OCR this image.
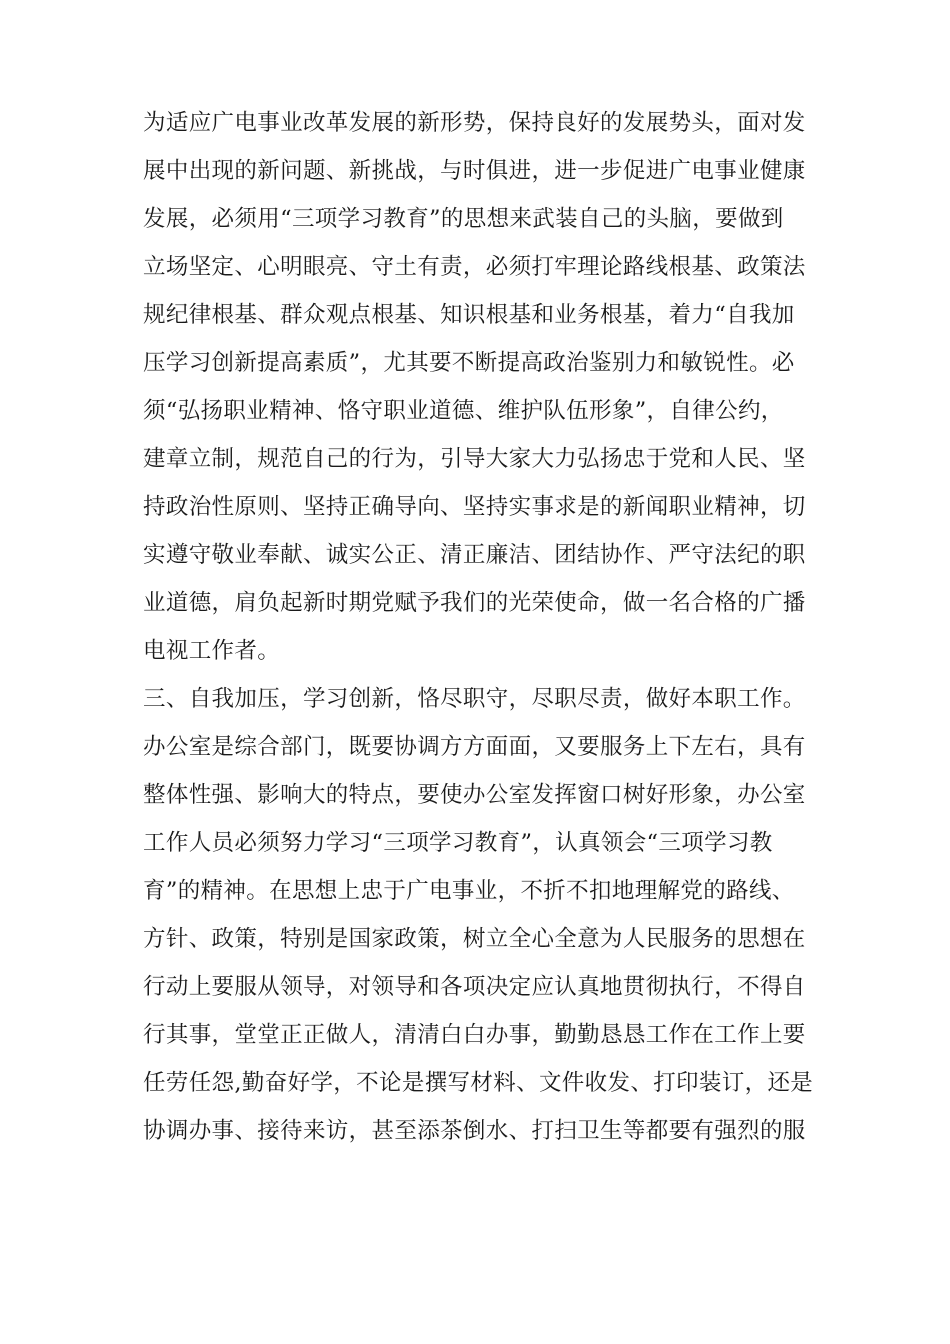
为适应广电事业改革发展的新形势，保持良好的发展势头，面对发
展中出现的新问题、新挑战，与时俱进，进一步促进广电事业健康
发展，必须用“三项学习教育”的思想来武装自己的头脑，要做到
立场坚定、心明眼亮、守土有责，必须打牢理论路线根基、政策法
规纪律根基、群众观点根基、知识根基和业务根基，着力“自我加
压学习创新提高素质”，尤其要不断提高政治鉴别力和敏锐性。必
须“弘扬职业精神、恪守职业道德、维护队伍形象”，自律公约，
建章立制，规范自己的行为，引导大家大力弘扬忠于党和人民、坚
持政治性原则、坚持正确导向、坚持实事求是的新闻职业精神，切
实遵守敬业奉献、诚实公正、清正廉洁、团结协作、严守法纪的职
业道德，肩负起新时期党赋予我们的光荣使命，做一名合格的广播
电视工作者。
三、自我加压，学习创新，恪尽职守，尽职尽责，做好本职工作。
办公室是综合部门，既要协调方方面面，又要服务上下左右，具有
整体性强、影响大的特点，要使办公室发挥窗口树好形象，办公室
工作人员必须努力学习“三项学习教育”，认真领会“三项学习教
育”的精神。在思想上忠于广电事业，不折不扣地理解党的路线、
方针、政策，特别是国家政策，树立全心全意为人民服务的思想在
行动上要服从领导，对领导和各项决定应认真地贯彻执行，不得自
行其事，堂堂正正做人，清清白白办事，勤勤恳恳工作在工作上要
任劳任怨,勤奋好学，不论是撰写材料、文件收发、打印装订，还是
协调办事、接待来访，甚至添茶倒水、打扫卫生等都要有强烈的服
